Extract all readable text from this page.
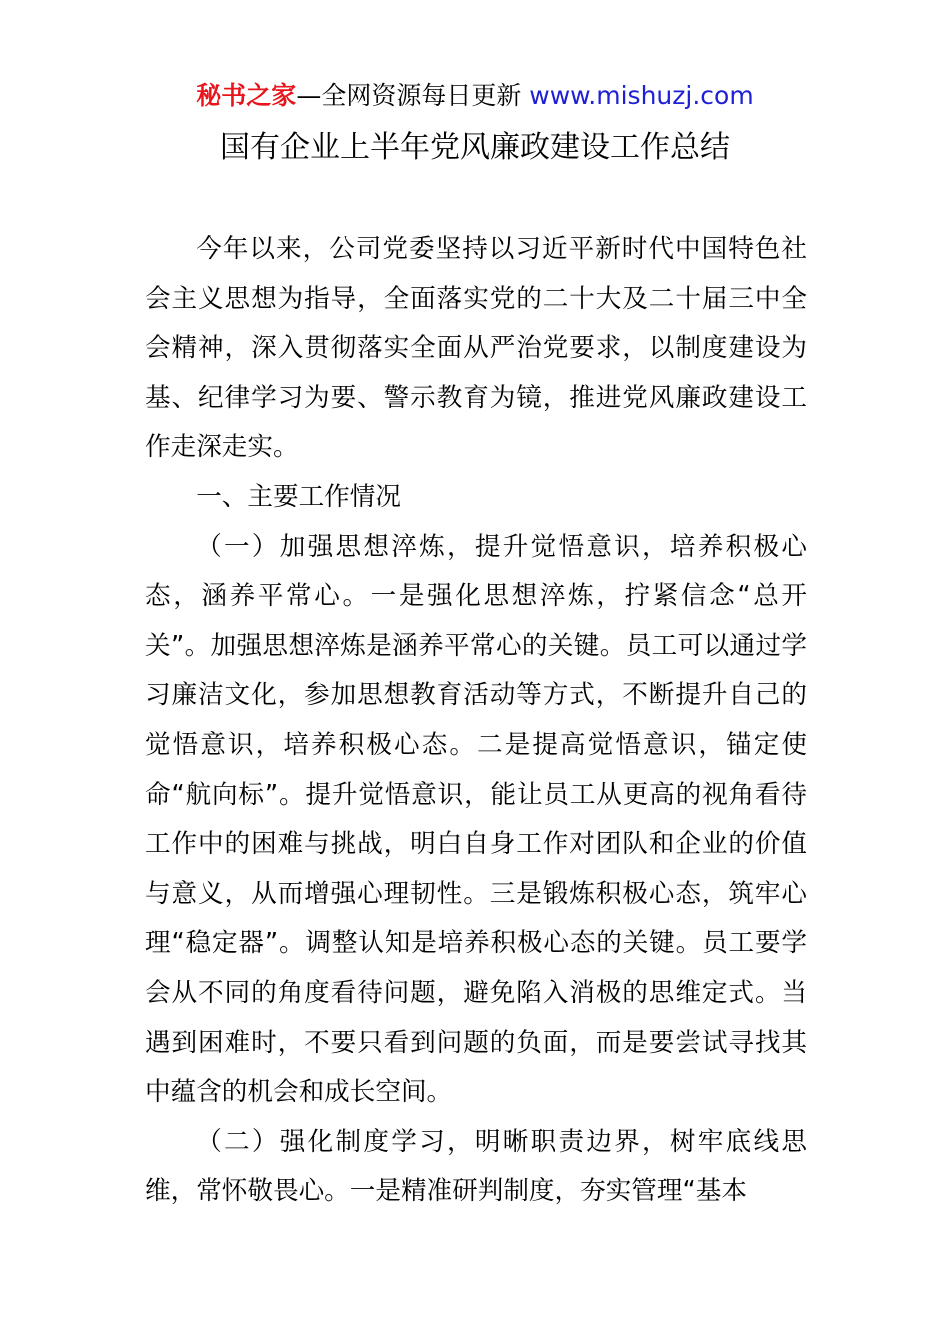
秘书之家—全网资源每日更新 www.mishuzj.com
国有企业上半年党风廉政建设工作总结

今年以来，公司党委坚持以习近平新时代中国特色社会主义思想为指导，全面落实党的二十大及二十届三中全会精神，深入贯彻落实全面从严治党要求，以制度建设为基、纪律学习为要、警示教育为镜，推进党风廉政建设工作走深走实。

一、主要工作情况

（一）加强思想淬炼，提升觉悟意识，培养积极心态，涵养平常心。一是强化思想淬炼，拧紧信念“总开关”。加强思想淬炼是涵养平常心的关键。员工可以通过学习廉洁文化，参加思想教育活动等方式，不断提升自己的觉悟意识，培养积极心态。二是提高觉悟意识，锚定使命“航向标”。提升觉悟意识，能让员工从更高的视角看待工作中的困难与挑战，明白自身工作对团队和企业的价值与意义，从而增强心理韧性。三是锻炼积极心态，筑牢心理“稳定器”。调整认知是培养积极心态的关键。员工要学会从不同的角度看待问题，避免陷入消极的思维定式。当遇到困难时，不要只看到问题的负面，而是要尝试寻找其中蕴含的机会和成长空间。

（二）强化制度学习，明晰职责边界，树牢底线思维，常怀敬畏心。一是精准研判制度，夯实管理“基本
